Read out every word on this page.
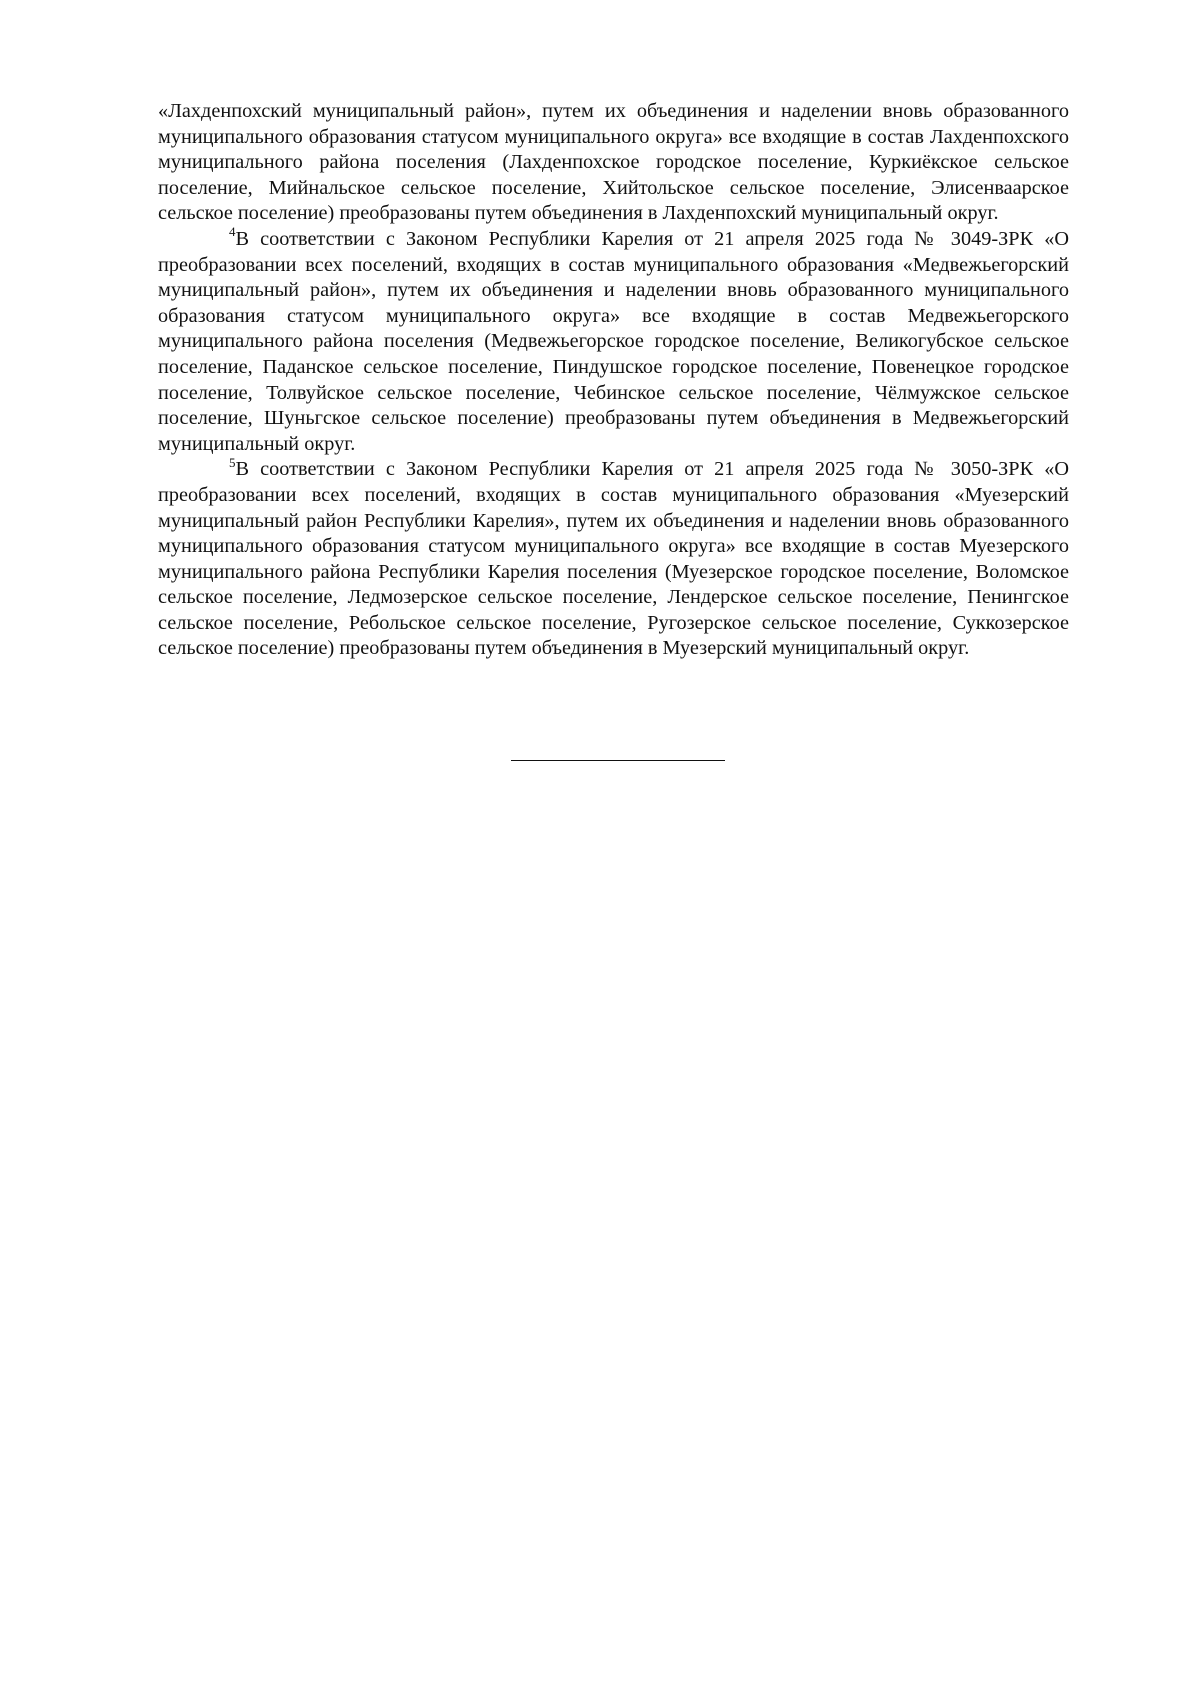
«Лахденпохский муниципальный район», путем их объединения и наделении вновь образованного муниципального образования статусом муниципального округа» все входящие в состав Лахденпохского муниципального района поселения (Лахденпохское городское поселение, Куркиёкское сельское поселение, Мийнальское сельское поселение, Хийтольское сельское поселение, Элисенваарское сельское поселение) преобразованы путем объединения в Лахденпохский муниципальный округ.

$^4$В соответствии с Законом Республики Карелия от 21 апреля 2025 года № 3049-ЗРК «О преобразовании всех поселений, входящих в состав муниципального образования «Медвежьегорский муниципальный район», путем их объединения и наделении вновь образованного муниципального образования статусом муниципального округа» все входящие в состав Медвежьегорского муниципального района поселения (Медвежьегорское городское поселение, Великогубское сельское поселение, Паданское сельское поселение, Пиндушское городское поселение, Повенецкое городское поселение, Толвуйское сельское поселение, Чебинское сельское поселение, Чёлмужское сельское поселение, Шуньгское сельское поселение) преобразованы путем объединения в Медвежьегорский муниципальный округ.

$^5$В соответствии с Законом Республики Карелия от 21 апреля 2025 года № 3050-ЗРК «О преобразовании всех поселений, входящих в состав муниципального образования «Муезерский муниципальный район Республики Карелия», путем их объединения и наделении вновь образованного муниципального образования статусом муниципального округа» все входящие в состав Муезерского муниципального района Республики Карелия поселения (Муезерское городское поселение, Воломское сельское поселение, Ледмозерское сельское поселение, Лендерское сельское поселение, Пенингское сельское поселение, Ребольское сельское поселение, Ругозерское сельское поселение, Суккозерское сельское поселение) преобразованы путем объединения в Муезерский муниципальный округ.
